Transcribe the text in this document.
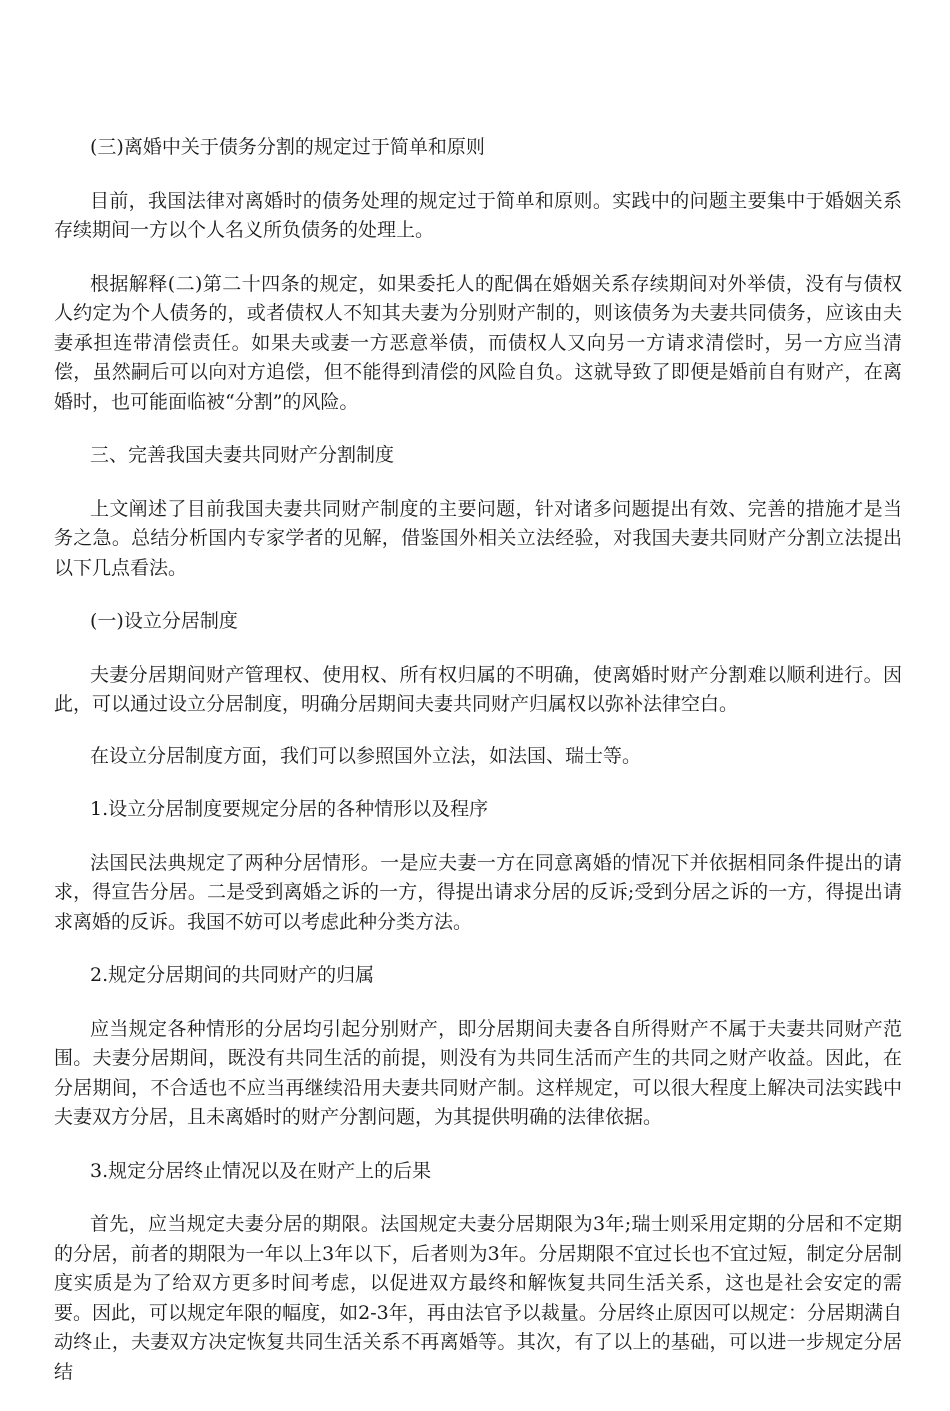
(三)离婚中关于债务分割的规定过于简单和原则

目前，我国法律对离婚时的债务处理的规定过于简单和原则。实践中的问题主要集中于婚姻关系存续期间一方以个人名义所负债务的处理上。

根据解释(二)第二十四条的规定，如果委托人的配偶在婚姻关系存续期间对外举债，没有与债权人约定为个人债务的，或者债权人不知其夫妻为分别财产制的，则该债务为夫妻共同债务，应该由夫妻承担连带清偿责任。如果夫或妻一方恶意举债，而债权人又向另一方请求清偿时，另一方应当清偿，虽然嗣后可以向对方追偿，但不能得到清偿的风险自负。这就导致了即便是婚前自有财产，在离婚时，也可能面临被“分割”的风险。

三、完善我国夫妻共同财产分割制度

上文阐述了目前我国夫妻共同财产制度的主要问题，针对诸多问题提出有效、完善的措施才是当务之急。总结分析国内专家学者的见解，借鉴国外相关立法经验，对我国夫妻共同财产分割立法提出以下几点看法。

(一)设立分居制度

夫妻分居期间财产管理权、使用权、所有权归属的不明确，使离婚时财产分割难以顺利进行。因此，可以通过设立分居制度，明确分居期间夫妻共同财产归属权以弥补法律空白。

在设立分居制度方面，我们可以参照国外立法，如法国、瑞士等。

1.设立分居制度要规定分居的各种情形以及程序

法国民法典规定了两种分居情形。一是应夫妻一方在同意离婚的情况下并依据相同条件提出的请求，得宣告分居。二是受到离婚之诉的一方，得提出请求分居的反诉;受到分居之诉的一方，得提出请求离婚的反诉。我国不妨可以考虑此种分类方法。

2.规定分居期间的共同财产的归属

应当规定各种情形的分居均引起分别财产，即分居期间夫妻各自所得财产不属于夫妻共同财产范围。夫妻分居期间，既没有共同生活的前提，则没有为共同生活而产生的共同之财产收益。因此，在分居期间，不合适也不应当再继续沿用夫妻共同财产制。这样规定，可以很大程度上解决司法实践中夫妻双方分居，且未离婚时的财产分割问题，为其提供明确的法律依据。

3.规定分居终止情况以及在财产上的后果

首先，应当规定夫妻分居的期限。法国规定夫妻分居期限为3年;瑞士则采用定期的分居和不定期的分居，前者的期限为一年以上3年以下，后者则为3年。分居期限不宜过长也不宜过短，制定分居制度实质是为了给双方更多时间考虑，以促进双方最终和解恢复共同生活关系，这也是社会安定的需要。因此，可以规定年限的幅度，如2-3年，再由法官予以裁量。分居终止原因可以规定：分居期满自动终止，夫妻双方决定恢复共同生活关系不再离婚等。其次，有了以上的基础，可以进一步规定分居结
